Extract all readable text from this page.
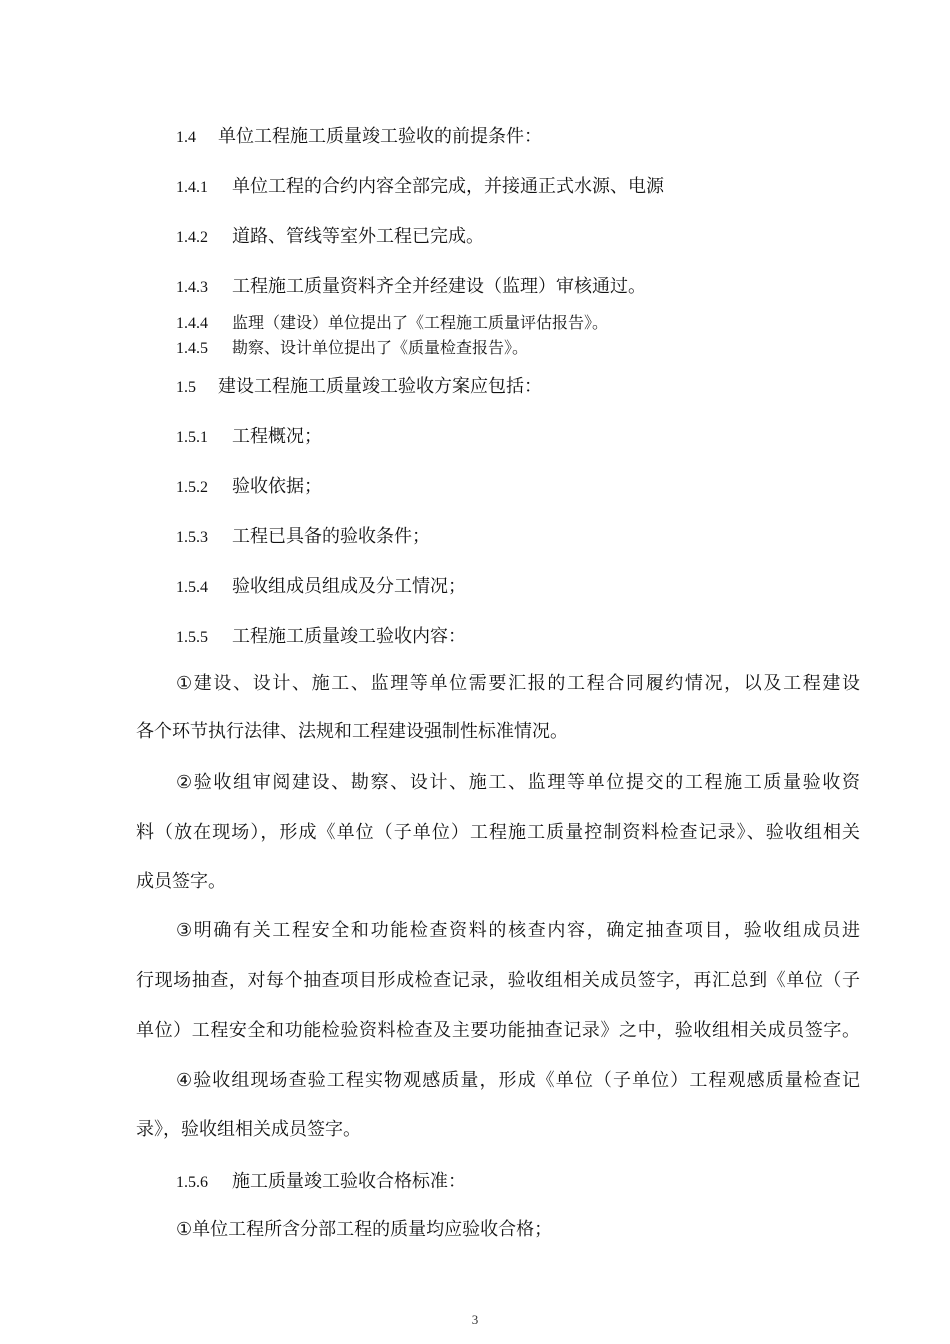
1.4 单位工程施工质量竣工验收的前提条件：
1.4.1 单位工程的合约内容全部完成，并接通正式水源、电源
1.4.2 道路、管线等室外工程已完成。
1.4.3 工程施工质量资料齐全并经建设（监理）审核通过。
1.4.4 监理（建设）单位提出了《工程施工质量评估报告》。
1.4.5 勘察、设计单位提出了《质量检查报告》。
1.5 建设工程施工质量竣工验收方案应包括：
1.5.1 工程概况；
1.5.2 验收依据；
1.5.3 工程已具备的验收条件；
1.5.4 验收组成员组成及分工情况；
1.5.5 工程施工质量竣工验收内容：
①建设、设计、施工、监理等单位需要汇报的工程合同履约情况，以及工程建设
各个环节执行法律、法规和工程建设强制性标准情况。
②验收组审阅建设、勘察、设计、施工、监理等单位提交的工程施工质量验收资
料（放在现场），形成《单位（子单位）工程施工质量控制资料检查记录》、验收组相关
成员签字。
③明确有关工程安全和功能检查资料的核查内容，确定抽查项目，验收组成员进
行现场抽查，对每个抽查项目形成检查记录，验收组相关成员签字，再汇总到《单位（子
单位）工程安全和功能检验资料检查及主要功能抽查记录》之中，验收组相关成员签字。
④验收组现场查验工程实物观感质量，形成《单位（子单位）工程观感质量检查记
录》，验收组相关成员签字。
1.5.6 施工质量竣工验收合格标准：
①单位工程所含分部工程的质量均应验收合格；
3
